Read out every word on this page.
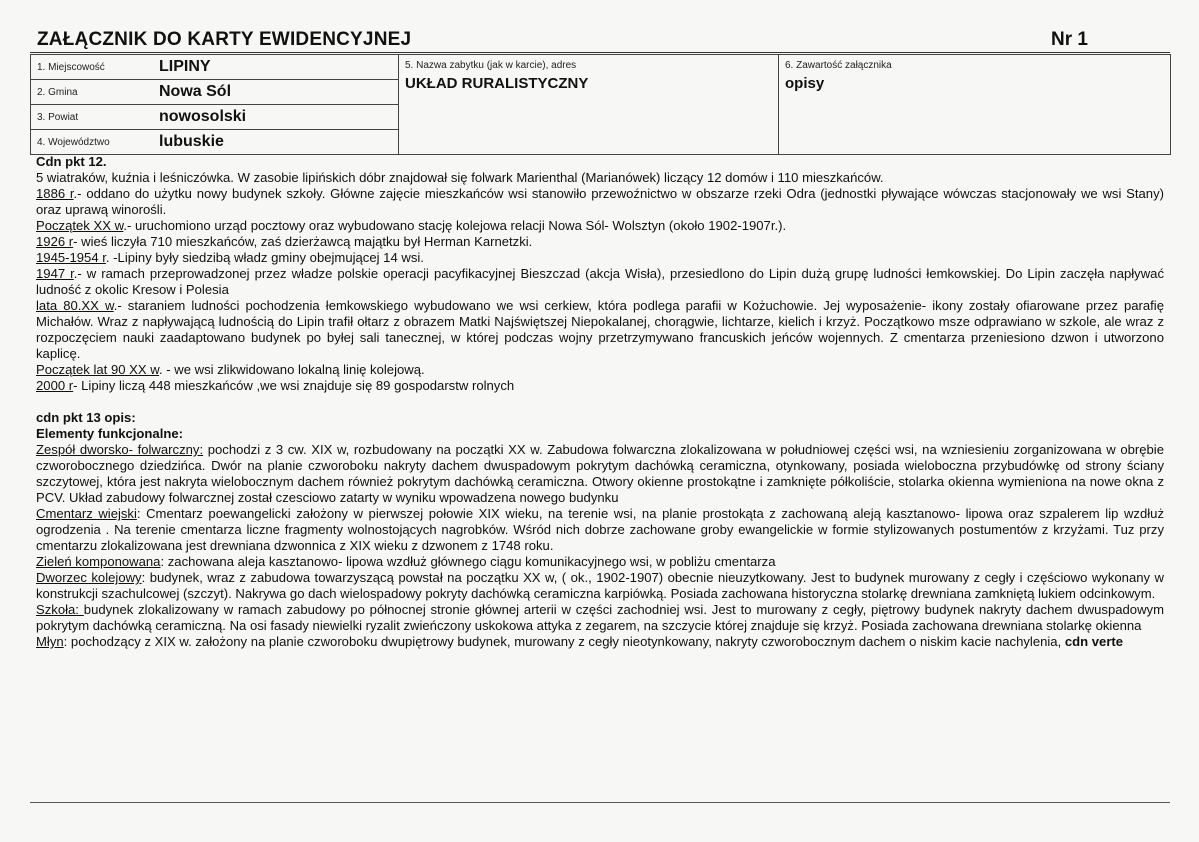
ZAŁĄCZNIK DO KARTY EWIDENCYJNEJ	Nr 1
1. Miejscowość	LIPINY	5. Nazwa zabytku (jak w karcie), adres
UKŁAD RURALISTYCZNY

6. Zawartość załącznika
opisy

2. Gmina	Nowa Sól

3. Powiat	nowosolski

4. Województwo	lubuskie

Cdn pkt 12.

5 wiatraków, kuźnia i leśniczówka. W zasobie lipińskich dóbr znajdował się folwark Marienthal (Marianówek) liczący 12 domów i 110 mieszkańców.

1886 r.- oddano do użytku nowy budynek szkoły. Główne zajęcie mieszkańców wsi stanowiło przewoźnictwo w obszarze rzeki Odra (jednostki pływające wówczas stacjonowały we wsi Stany) oraz uprawą winorośli.

Początek XX w.- uruchomiono urząd pocztowy oraz wybudowano stację kolejowa relacji Nowa Sól- Wolsztyn (około 1902-1907r.).

1926 r- wieś liczyła 710 mieszkańców, zaś dzierżawcą majątku był Herman Karnetzki.

1945-1954 r. -Lipiny były siedzibą władz gminy obejmującej 14 wsi.

1947 r.- w ramach przeprowadzonej przez władze polskie operacji pacyfikacyjnej Bieszczad (akcja Wisła), przesiedlono do Lipin dużą grupę ludności łemkowskiej. Do Lipin zaczęła napływać ludność z okolic Kresow i Polesia

lata 80.XX w.- staraniem ludności pochodzenia łemkowskiego wybudowano we wsi cerkiew, która podlega parafii w Kożuchowie. Jej wyposażenie- ikony zostały ofiarowane przez parafię Michałów. Wraz z napływającą ludnością do Lipin trafił ołtarz z obrazem Matki Najświętszej Niepokalanej, chorągwie, lichtarze, kielich i krzyż. Początkowo msze odprawiano w szkole, ale wraz z rozpoczęciem nauki zaadaptowano budynek po byłej sali tanecznej, w której podczas wojny przetrzymywano francuskich jeńców wojennych. Z cmentarza przeniesiono dzwon i utworzono kaplicę.

Początek lat 90 XX w. - we wsi zlikwidowano lokalną linię kolejową.

2000 r- Lipiny liczą 448 mieszkańców ,we wsi znajduje się 89 gospodarstw rolnych

cdn pkt 13 opis:

Elementy funkcjonalne:

Zespół dworsko- folwarczny: pochodzi z 3 cw. XIX w, rozbudowany na początki XX w. Zabudowa folwarczna zlokalizowana w południowej części wsi, na wzniesieniu zorganizowana w obrębie czworobocznego dziedzińca. Dwór na planie czworoboku nakryty dachem dwuspadowym pokrytym dachówką ceramiczna, otynkowany, posiada wieloboczna przybudówkę od strony ściany szczytowej, która jest nakryta wielobocznym dachem również pokrytym dachówką ceramiczna. Otwory okienne prostokątne i zamknięte półkoliście, stolarka okienna wymieniona na nowe okna z PCV. Układ zabudowy folwarcznej został czesciowo zatarty w wyniku wpowadzena nowego budynku

Cmentarz wiejski: Cmentarz poewangelicki założony w pierwszej połowie XIX wieku, na terenie wsi, na planie prostokąta z zachowaną aleją kasztanowo- lipowa oraz szpalerem lip wzdłuż ogrodzenia . Na terenie cmentarza liczne fragmenty wolnostojących nagrobków. Wśród nich dobrze zachowane groby ewangelickie w formie stylizowanych postumentów z krzyżami. Tuz przy cmentarzu zlokalizowana jest drewniana dzwonnica z XIX wieku z dzwonem z 1748 roku.

Zieleń komponowana: zachowana aleja kasztanowo- lipowa wzdłuż głównego ciągu komunikacyjnego wsi, w pobliżu cmentarza

Dworzec kolejowy: budynek, wraz z zabudowa towarzyszącą powstał na początku XX w, ( ok., 1902-1907) obecnie nieuzytkowany. Jest to budynek murowany z cegły i częściowo wykonany w konstrukcji szachulcowej (szczyt). Nakrywa go dach wielospadowy pokryty dachówką ceramiczna karpiówką. Posiada zachowana historyczna stolarkę drewniana zamkniętą lukiem odcinkowym.

Szkoła: budynek zlokalizowany w ramach zabudowy po północnej stronie głównej arterii w części zachodniej wsi. Jest to murowany z cegły, piętrowy budynek nakryty dachem dwuspadowym pokrytym dachówką ceramiczną. Na osi fasady niewielki ryzalit zwieńczony uskokowa attyka z zegarem, na szczycie której znajduje się krzyż. Posiada zachowana drewniana stolarkę okienna

Młyn: pochodzący z XIX w. założony na planie czworoboku dwupiętrowy budynek, murowany z cegły nieotynkowany, nakryty czworobocznym dachem o niskim kacie nachylenia, cdn verte
